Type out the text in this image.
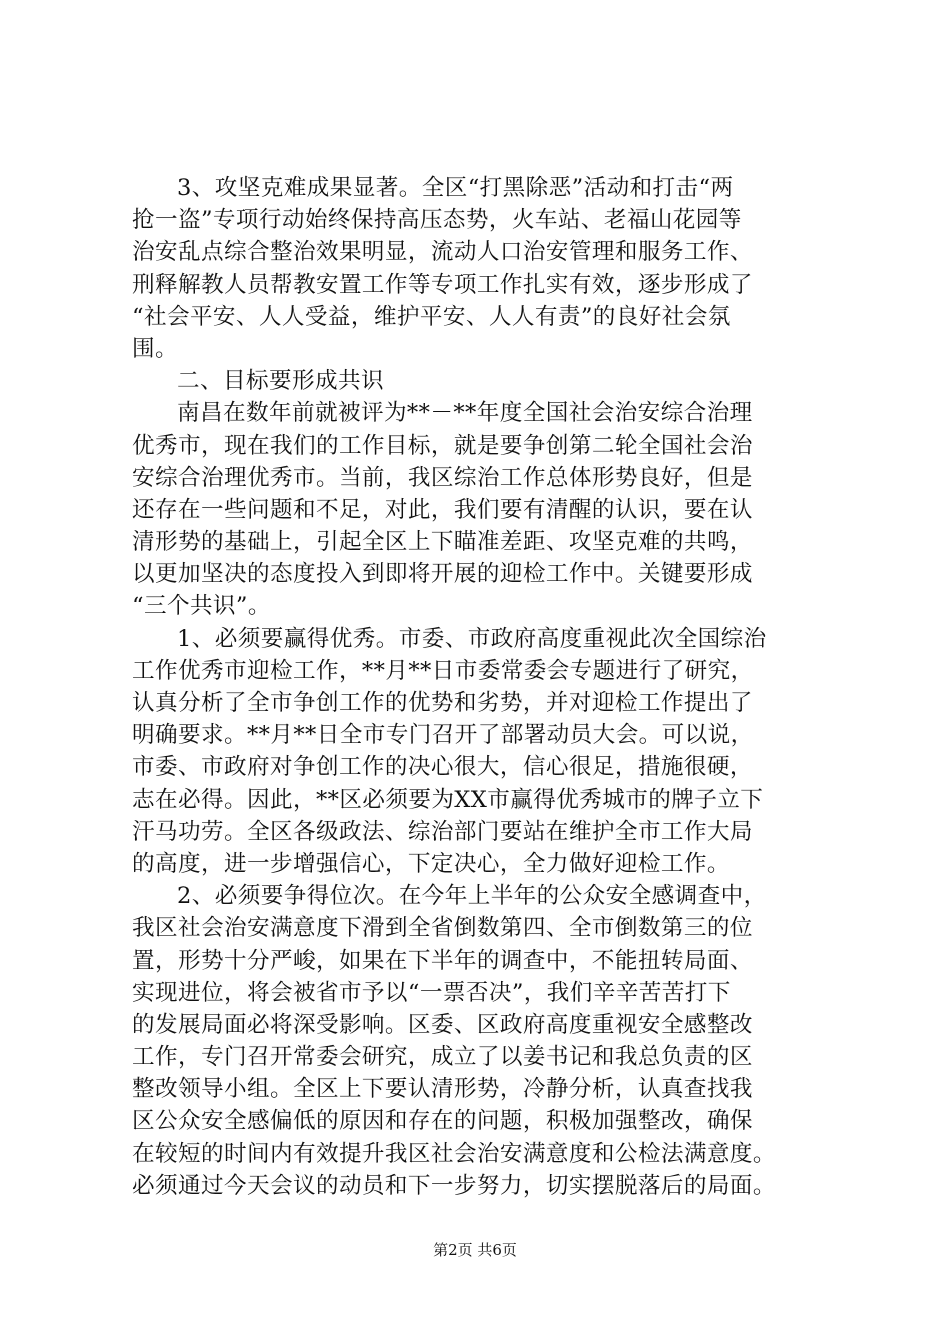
3、攻坚克难成果显著。全区“打黑除恶”活动和打击“两
抢一盗”专项行动始终保持高压态势，火车站、老福山花园等
治安乱点综合整治效果明显，流动人口治安管理和服务工作、
刑释解教人员帮教安置工作等专项工作扎实有效，逐步形成了
“社会平安、人人受益，维护平安、人人有责”的良好社会氛
围。
二、目标要形成共识
南昌在数年前就被评为**－**年度全国社会治安综合治理
优秀市，现在我们的工作目标，就是要争创第二轮全国社会治
安综合治理优秀市。当前，我区综治工作总体形势良好，但是
还存在一些问题和不足，对此，我们要有清醒的认识，要在认
清形势的基础上，引起全区上下瞄准差距、攻坚克难的共鸣，
以更加坚决的态度投入到即将开展的迎检工作中。关键要形成
“三个共识”。
1、必须要赢得优秀。市委、市政府高度重视此次全国综治
工作优秀市迎检工作，**月**日市委常委会专题进行了研究，
认真分析了全市争创工作的优势和劣势，并对迎检工作提出了
明确要求。**月**日全市专门召开了部署动员大会。可以说，
市委、市政府对争创工作的决心很大，信心很足，措施很硬，
志在必得。因此，**区必须要为XX市赢得优秀城市的牌子立下
汗马功劳。全区各级政法、综治部门要站在维护全市工作大局
的高度，进一步增强信心，下定决心，全力做好迎检工作。
2、必须要争得位次。在今年上半年的公众安全感调查中，
我区社会治安满意度下滑到全省倒数第四、全市倒数第三的位
置，形势十分严峻，如果在下半年的调查中，不能扭转局面、
实现进位，将会被省市予以“一票否决”，我们辛辛苦苦打下
的发展局面必将深受影响。区委、区政府高度重视安全感整改
工作，专门召开常委会研究，成立了以姜书记和我总负责的区
整改领导小组。全区上下要认清形势，冷静分析，认真查找我
区公众安全感偏低的原因和存在的问题，积极加强整改，确保
在较短的时间内有效提升我区社会治安满意度和公检法满意度。
必须通过今天会议的动员和下一步努力，切实摆脱落后的局面。
第2页 共6页
